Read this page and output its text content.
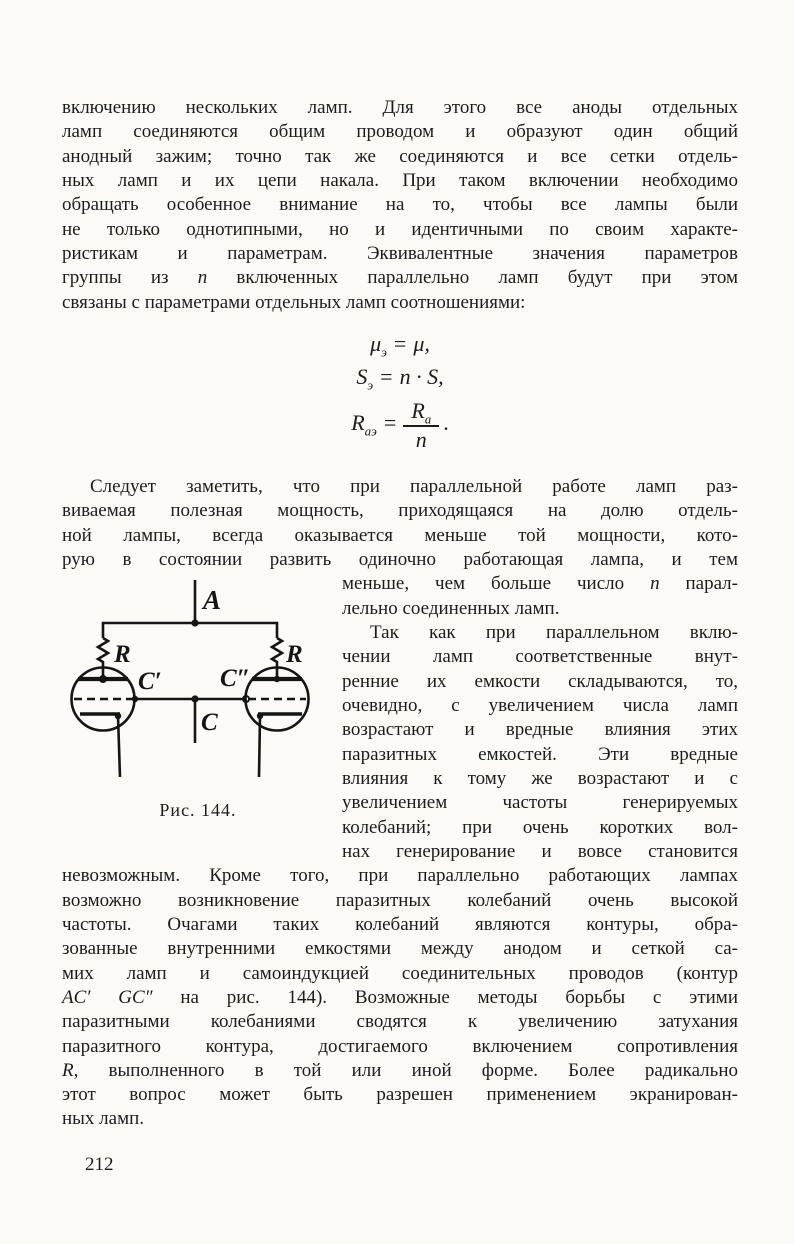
включению нескольких ламп. Для этого все аноды отдельных
ламп соединяются общим проводом и образуют один общий
анодный зажим; точно так же соединяются и все сетки отдель-
ных ламп и их цепи накала. При таком включении необходимо
обращать особенное внимание на то, чтобы все лампы были
не только однотипными, но и идентичными по своим характе-
ристикам и параметрам. Эквивалентные значения параметров
группы из n включенных параллельно ламп будут при этом
связаны с параметрами отдельных ламп соотношениями:
$\mu_э = \mu$,
$S_э = n \cdot S$,
$R_{аэ} = \frac{R_а}{n}$ .
Следует заметить, что при параллельной работе ламп раз-
виваемая полезная мощность, приходящаяся на долю отдель-
ной лампы, всегда оказывается меньше той мощности, кото-
рую в состоянии развить одиночно работающая лампа, и тем
A
R	R
C′ C″
C
Рис. 144.
меньше, чем больше число n парал-
лельно соединенных ламп.
Так как при параллельном вклю-
чении ламп соответственные внут-
ренние их емкости складываются, то,
очевидно, с увеличением числа ламп
возрастают и вредные влияния этих
паразитных емкостей. Эти вредные
влияния к тому же возрастают и с
увеличением частоты генерируемых
колебаний; при очень коротких вол-
нах генерирование и вовсе становится
невозможным. Кроме того, при параллельно работающих лампах
возможно возникновение паразитных колебаний очень высокой
частоты. Очагами таких колебаний являются контуры, обра-
зованные внутренними емкостями между анодом и сеткой са-
мих ламп и самоиндукцией соединительных проводов (контур
AC′ GC″ на рис. 144). Возможные методы борьбы с этими
паразитными колебаниями сводятся к увеличению затухания
паразитного контура, достигаемого включением сопротивления
R, выполненного в той или иной форме. Более радикально
этот вопрос может быть разрешен применением экранирован-
ных ламп.
212
